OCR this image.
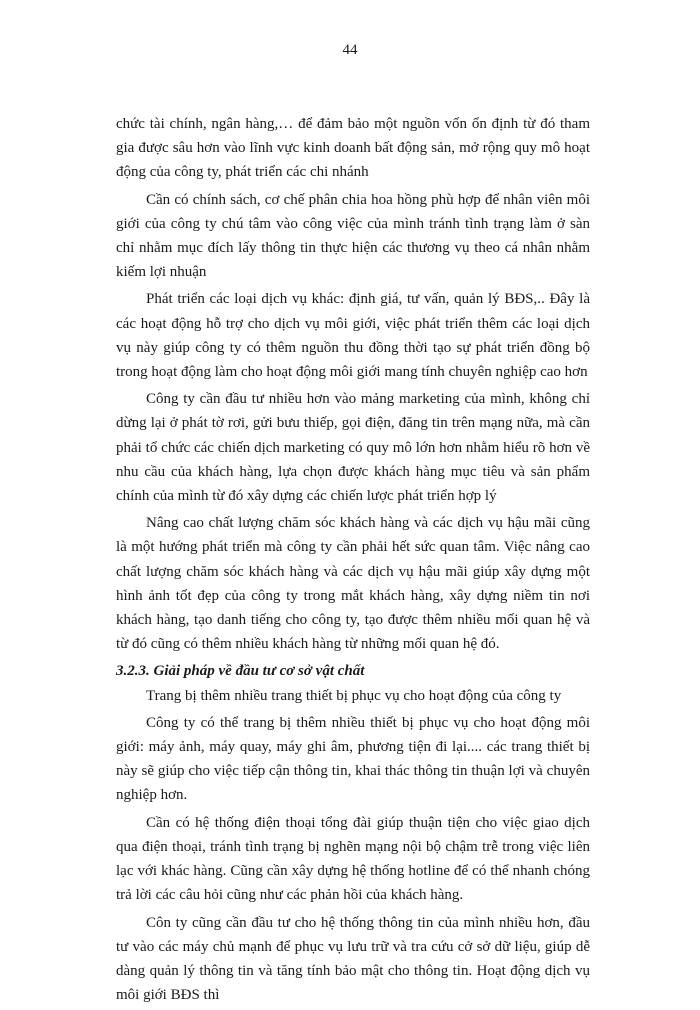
44

chức tài chính, ngân hàng,… để đảm bảo một nguồn vốn ổn định từ đó tham gia được sâu hơn vào lĩnh vực kinh doanh bất động sản, mở rộng quy mô hoạt động của công ty, phát triển các chi nhánh

Cần có chính sách, cơ chế phân chia hoa hồng phù hợp để nhân viên môi giới của công ty chú tâm vào công việc của mình tránh tình trạng làm ở sàn chỉ nhằm mục đích lấy thông tin thực hiện các thương vụ theo cá nhân nhằm kiếm lợi nhuận

Phát triển các loại dịch vụ khác: định giá, tư vấn, quản lý BĐS,.. Đây là các hoạt động hỗ trợ cho dịch vụ môi giới, việc phát triển thêm các loại dịch vụ này giúp công ty có thêm nguồn thu đồng thời tạo sự phát triển đồng bộ trong hoạt động làm cho hoạt động môi giới mang tính chuyên nghiệp cao hơn

Công ty cần đầu tư nhiều hơn vào mảng marketing của mình, không chỉ dừng lại ở phát tờ rơi, gửi bưu thiếp, gọi điện, đăng tin trên mạng nữa, mà cần phải tổ chức các chiến dịch marketing có quy mô lớn hơn nhằm hiểu rõ hơn về nhu cầu của khách hàng, lựa chọn được khách hàng mục tiêu và sản phẩm chính của mình từ đó xây dựng các chiến lược phát triển hợp lý

Nâng cao chất lượng chăm sóc khách hàng và các dịch vụ hậu mãi cũng là một hướng phát triển mà công ty cần phải hết sức quan tâm. Việc nâng cao chất lượng chăm sóc khách hàng và các dịch vụ hậu mãi giúp xây dựng một hình ảnh tốt đẹp của công ty trong mắt khách hàng, xây dựng niềm tin nơi khách hàng, tạo danh tiếng cho công ty, tạo được thêm nhiều mối quan hệ và từ đó cũng có thêm nhiều khách hàng từ những mối quan hệ đó.

3.2.3. Giải pháp về đầu tư cơ sở vật chất

Trang bị thêm nhiều trang thiết bị phục vụ cho hoạt động của công ty

Công ty có thể trang bị thêm nhiều thiết bị phục vụ cho hoạt động môi giới: máy ảnh, máy quay, máy ghi âm, phương tiện đi lại.... các trang thiết bị này sẽ giúp cho việc tiếp cận thông tin, khai thác thông tin thuận lợi và chuyên nghiệp hơn.

Cần có hệ thống điện thoại tổng đài giúp thuận tiện cho việc giao dịch qua điện thoại, tránh tình trạng bị nghẽn mạng nội bộ chậm trễ trong việc liên lạc với khác hàng. Cũng cần xây dựng hệ thống hotline để có thể nhanh chóng trả lời các câu hỏi cũng như các phản hồi của khách hàng.

Côn ty cũng cần đầu tư cho hệ thống thông tin của mình nhiều hơn, đầu tư vào các máy chủ mạnh để phục vụ lưu trữ và tra cứu cở sở dữ liệu, giúp dễ dàng quản lý thông tin và tăng tính bảo mật cho thông tin. Hoạt động dịch vụ môi giới BĐS thì
